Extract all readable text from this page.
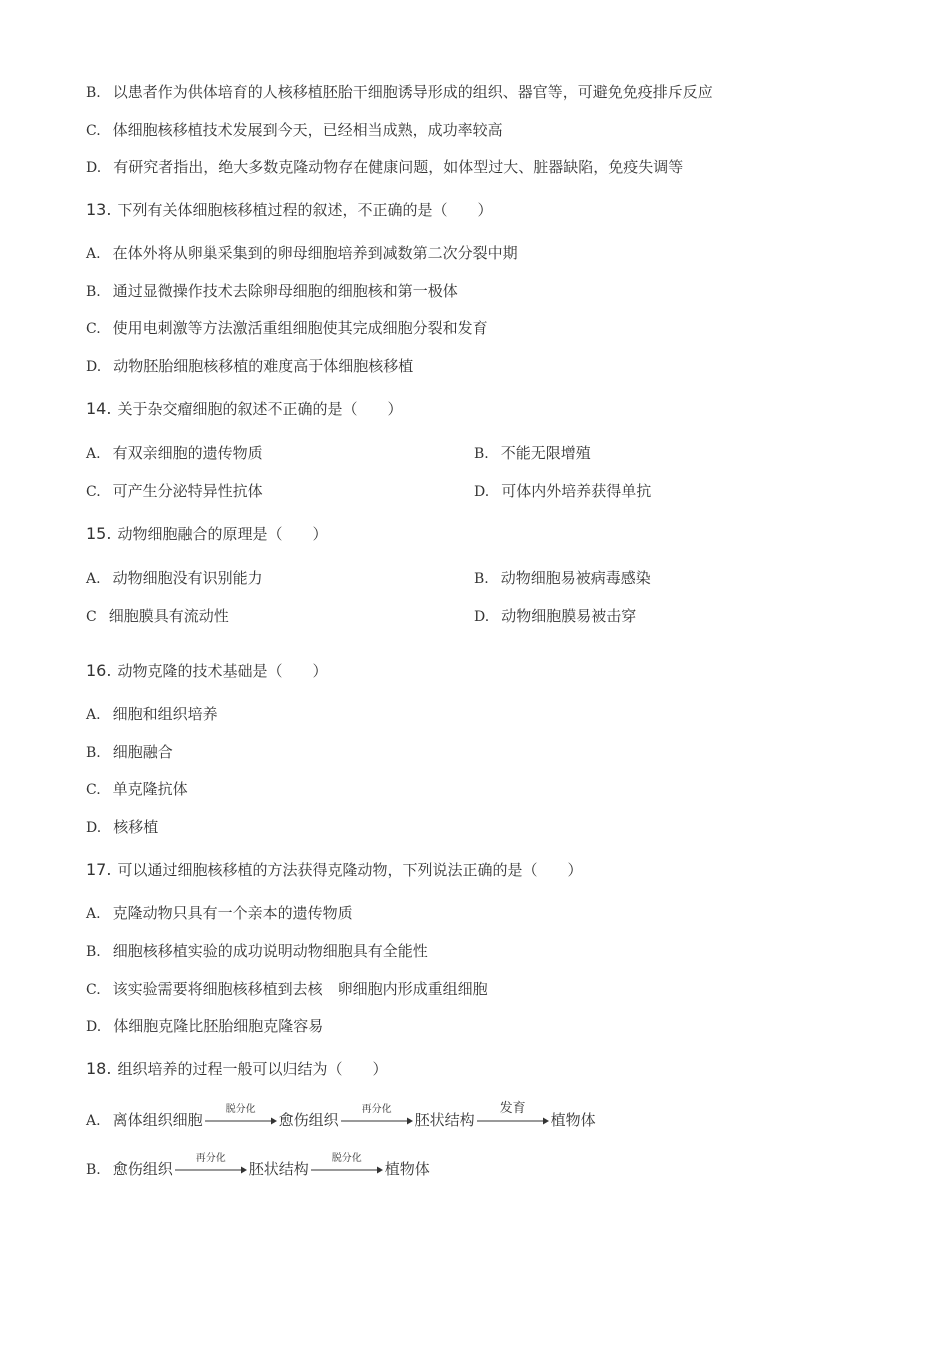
B. 以患者作为供体培育的人核移植胚胎干细胞诱导形成的组织、器官等，可避免免疫排斥反应
C. 体细胞核移植技术发展到今天，已经相当成熟，成功率较高
D. 有研究者指出，绝大多数克隆动物存在健康问题，如体型过大、脏器缺陷，免疫失调等
13. 下列有关体细胞核移植过程的叙述，不正确的是（　　）
A. 在体外将从卵巢采集到的卵母细胞培养到减数第二次分裂中期
B. 通过显微操作技术去除卵母细胞的细胞核和第一极体
C. 使用电刺激等方法激活重组细胞使其完成细胞分裂和发育
D. 动物胚胎细胞核移植的难度高于体细胞核移植
14. 关于杂交瘤细胞的叙述不正确的是（　　）
A. 有双亲细胞的遗传物质	B. 不能无限增殖
C. 可产生分泌特异性抗体	D. 可体内外培养获得单抗
15. 动物细胞融合的原理是（　　）
A. 动物细胞没有识别能力	B. 动物细胞易被病毒感染
C 细胞膜具有流动性	D. 动物细胞膜易被击穿
16. 动物克隆的技术基础是（　　）
A. 细胞和组织培养
B. 细胞融合
C. 单克隆抗体
D. 核移植
17. 可以通过细胞核移植的方法获得克隆动物，下列说法正确的是（　　）
A. 克隆动物只具有一个亲本的遗传物质
B. 细胞核移植实验的成功说明动物细胞具有全能性
C. 该实验需要将细胞核移植到去核　卵细胞内形成重组细胞
D. 体细胞克隆比胚胎细胞克隆容易
18. 组织培养的过程一般可以归结为（　　）
A. 离体组织细胞
脱分化
愈伤组织
再分化
胚状结构
发育
植物体
B. 愈伤组织
再分化
胚状结构
脱分化
植物体
